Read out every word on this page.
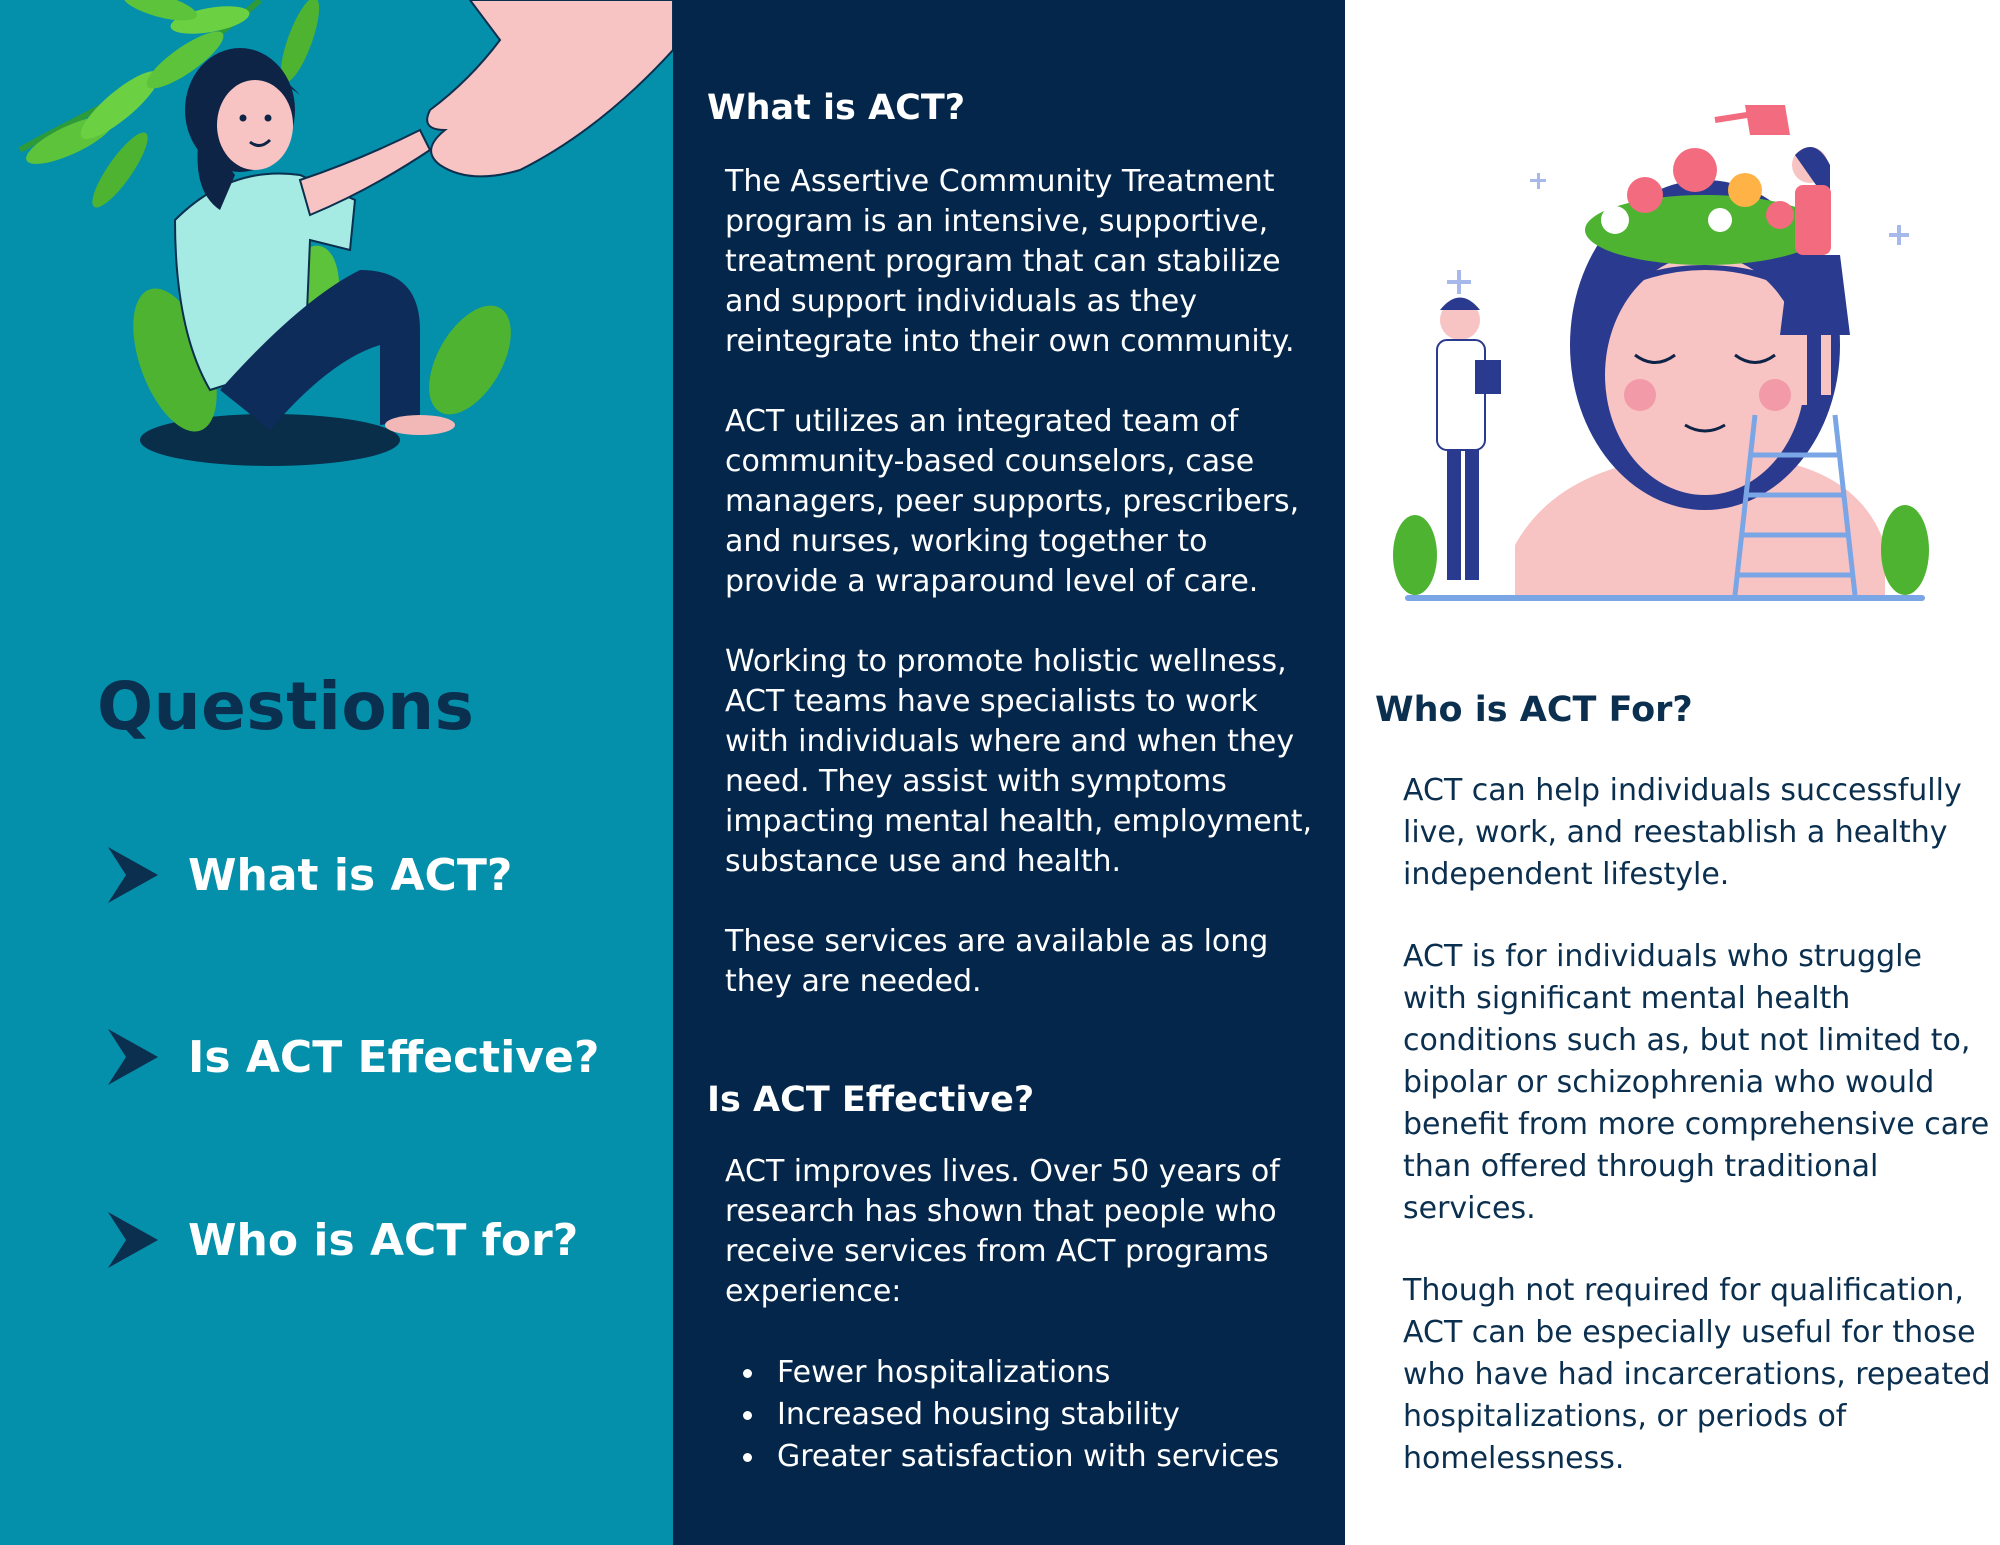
Questions
What is ACT?
Is ACT Effective?
Who is ACT for?
What is ACT?

The Assertive Community Treatment program is an intensive, supportive, treatment program that can stabilize and support individuals as they reintegrate into their own community.

ACT utilizes an integrated team of community-based counselors, case managers, peer supports, prescribers, and nurses, working together to provide a wraparound level of care.

Working to promote holistic wellness, ACT teams have specialists to work with individuals where and when they need. They assist with symptoms impacting mental health, employment, substance use and health.

These services are available as long they are needed.

Is ACT Effective?

ACT improves lives. Over 50 years of research has shown that people who receive services from ACT programs experience:

Fewer hospitalizations
Increased housing stability
Greater satisfaction with services
Who is ACT For?

ACT can help individuals successfully live, work, and reestablish a healthy independent lifestyle.

ACT is for individuals who struggle with significant mental health conditions such as, but not limited to, bipolar or schizophrenia who would benefit from more comprehensive care than offered through traditional services.

Though not required for qualification, ACT can be especially useful for those who have had incarcerations, repeated hospitalizations, or periods of homelessness.
